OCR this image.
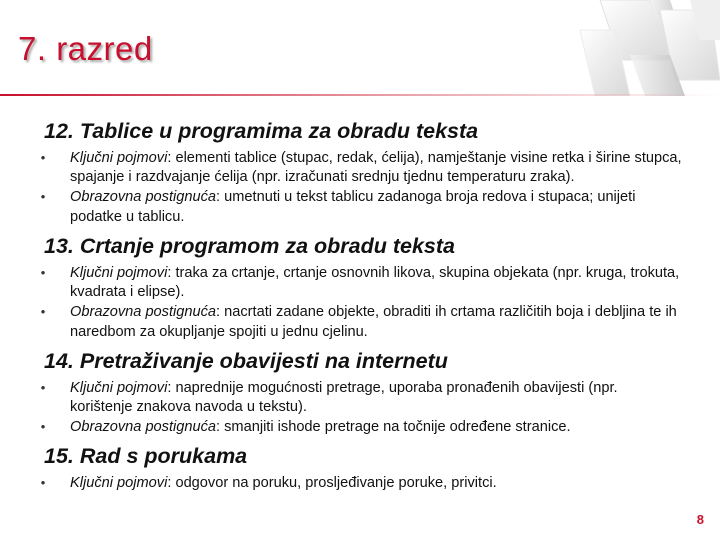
7. razred
12. Tablice u programima za obradu teksta
•	Ključni pojmovi: elementi tablice (stupac, redak, ćelija), namještanje visine retka i širine stupca, spajanje i razdvajanje ćelija (npr. izračunati srednju tjednu temperaturu zraka).
•	Obrazovna postignuća: umetnuti u tekst tablicu zadanoga broja redova i stupaca; unijeti podatke u tablicu.
13. Crtanje programom za obradu teksta
•	Ključni pojmovi: traka za crtanje, crtanje osnovnih likova, skupina objekata (npr. kruga, trokuta, kvadrata i elipse).
•	Obrazovna postignuća: nacrtati zadane objekte, obraditi ih crtama različitih boja i debljina te ih naredbom za okupljanje spojiti u jednu cjelinu.
14. Pretraživanje obavijesti na internetu
•	Ključni pojmovi: naprednije mogućnosti pretrage, uporaba pronađenih obavijesti (npr. korištenje znakova navoda u tekstu).
•	Obrazovna postignuća: smanjiti ishode pretrage na točnije određene stranice.
15. Rad s porukama
•	Ključni pojmovi: odgovor na poruku, prosljeđivanje poruke, privitci.
8
